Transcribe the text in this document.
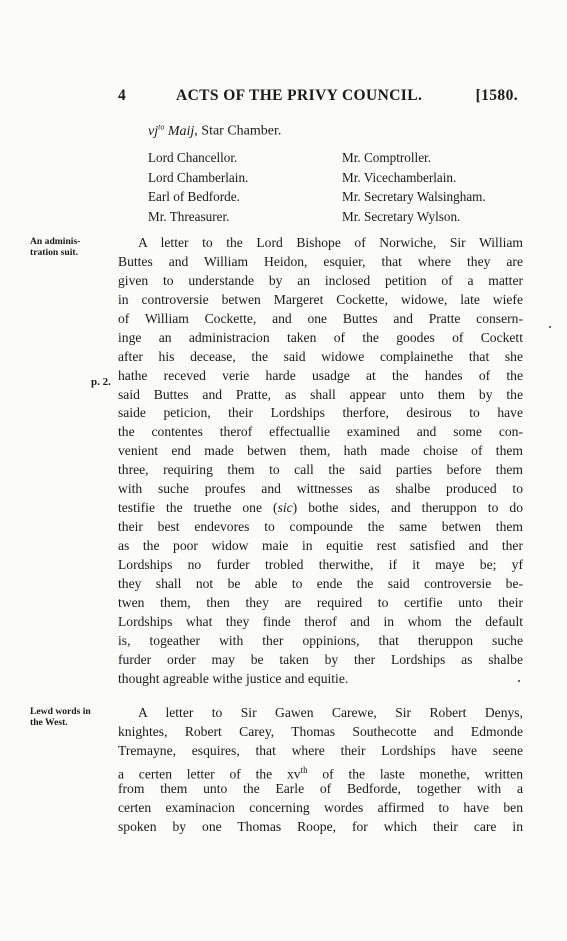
4	ACTS OF THE PRIVY COUNCIL.	[1580.
$vj^{to}$ Maij, Star Chamber.
Lord Chancellor.	Mr. Comptroller.
Lord Chamberlain.	Mr. Vicechamberlain.
Earl of Bedforde.	Mr. Secretary Walsingham.
Mr. Threasurer.	Mr. Secretary Wylson.
An adminis-
tration suit.
p. 2.
A letter to the Lord Bishope of Norwiche, Sir William
Buttes and William Heidon, esquier, that where they are
given to understande by an inclosed petition of a matter
in controversie betwen Margeret Cockette, widowe, late wiefe
of William Cockette, and one Buttes and Pratte consern-
inge an administracion taken of the goodes of Cockett
after his decease, the said widowe complainethe that she
hathe receved verie harde usadge at the handes of the
said Buttes and Pratte, as shall appear unto them by the
saide peticion, their Lordships therfore, desirous to have
the contentes therof effectuallie examined and some con-
venient end made betwen them, hath made choise of them
three, requiring them to call the said parties before them
with suche proufes and wittnesses as shalbe produced to
testifie the truethe one (sic) bothe sides, and theruppon to do
their best endevores to compounde the same betwen them
as the poor widow maie in equitie rest satisfied and ther
Lordships no furder trobled therwithe, if it maye be; yf
they shall not be able to ende the said controversie be-
twen them, then they are required to certifie unto their
Lordships what they finde therof and in whom the default
is, togeather with ther oppinions, that theruppon suche
furder order may be taken by ther Lordships as shalbe
thought agreable withe justice and equitie.
Lewd words in
the West.
A letter to Sir Gawen Carewe, Sir Robert Denys,
knightes, Robert Carey, Thomas Southecotte and Edmonde
Tremayne, esquires, that where their Lordships have seene
a certen letter of the $xv^{th}$ of the laste monethe, written
from them unto the Earle of Bedforde, together with a
certen examinacion concerning wordes affirmed to have ben
spoken by one Thomas Roope, for which their care in
